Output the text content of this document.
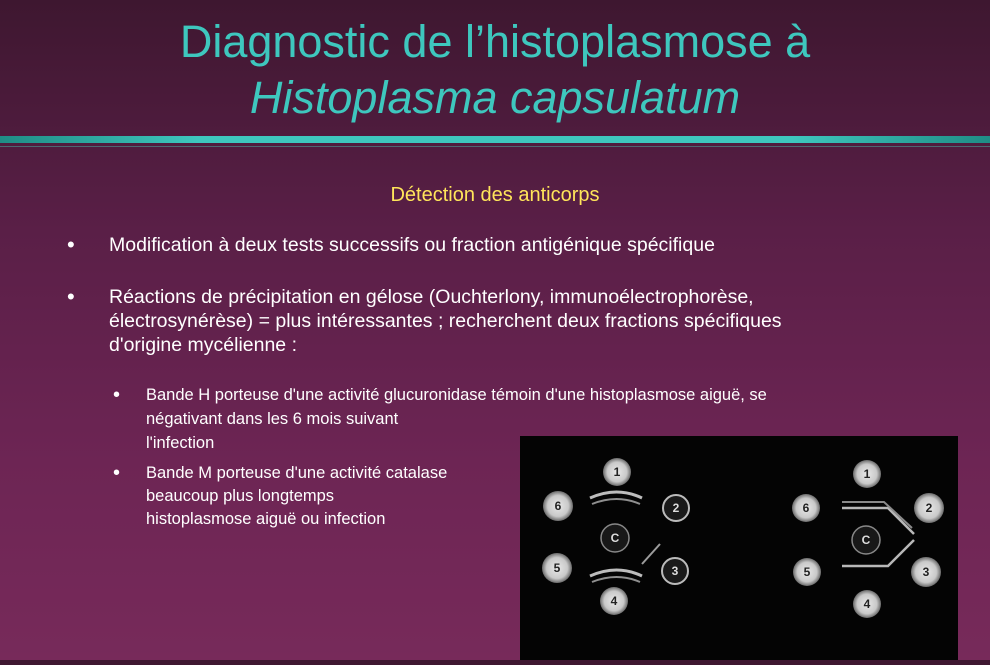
Diagnostic de l’histoplasmose à
Histoplasma capsulatum
Détection des anticorps
• Modification à deux tests successifs ou fraction antigénique spécifique
• Réactions de précipitation en gélose (Ouchterlony, immunoélectrophorèse,
électrosynérèse) = plus intéressantes ; recherchent deux fractions spécifiques
d'origine mycélienne :
• Bande H porteuse d'une activité glucuronidase témoin d'une histoplasmose aiguë, se
négativant dans les 6 mois suivant
l'infection
• Bande M porteuse d'une activité catalase
beaucoup plus longtemps
histoplasmose aiguë ou infection
1
2
3
4
5
6
C
1
2
3
4
5
6
C
